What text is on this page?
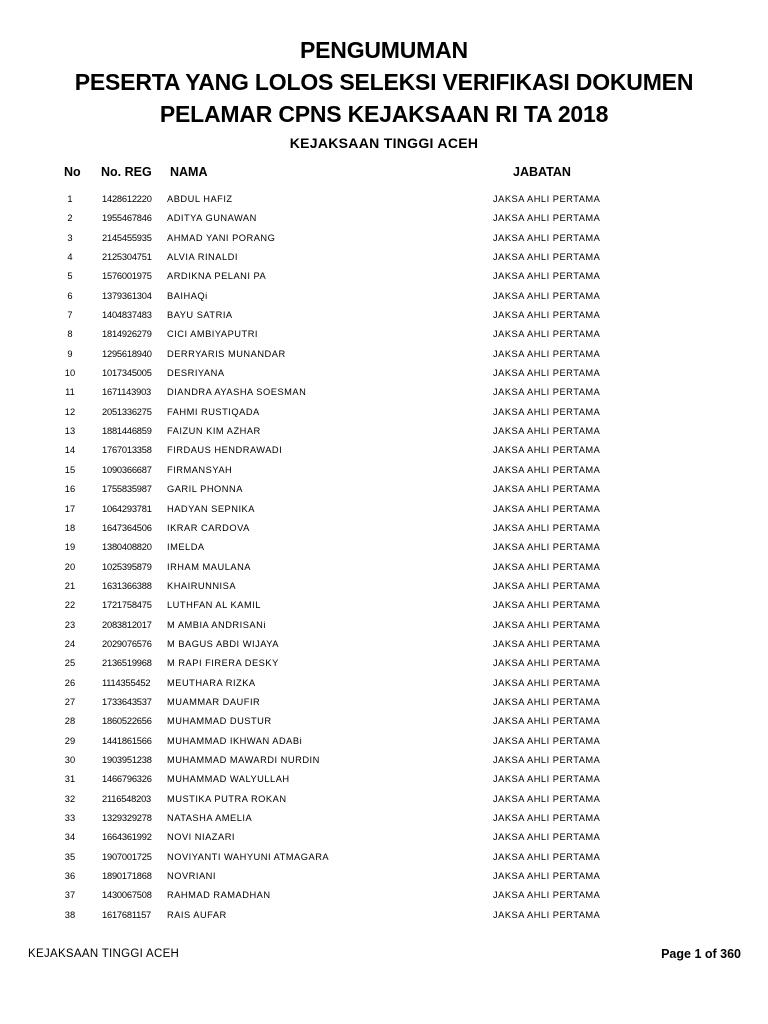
PENGUMUMAN
PESERTA YANG LOLOS SELEKSI VERIFIKASI DOKUMEN
PELAMAR CPNS KEJAKSAAN RI TA 2018
KEJAKSAAN TINGGI ACEH
No No. REG NAMA	JABATAN
1	1428612220 ABDUL HAFIZ	JAKSA AHLI PERTAMA
2	1955467846 ADITYA GUNAWAN	JAKSA AHLI PERTAMA
3	2145455935 AHMAD YANI PORANG	JAKSA AHLI PERTAMA
4	2125304751 ALVIA RINALDI	JAKSA AHLI PERTAMA
5	1576001975 ARDIKNA PELANI PA	JAKSA AHLI PERTAMA
6	1379361304 BAIHAQi	JAKSA AHLI PERTAMA
7	1404837483 BAYU SATRIA	JAKSA AHLI PERTAMA
8	1814926279 CICI AMBIYAPUTRI	JAKSA AHLI PERTAMA
9	1295618940 DERRYARIS MUNANDAR	JAKSA AHLI PERTAMA
10	1017345005 DESRIYANA	JAKSA AHLI PERTAMA
11	1671143903 DIANDRA AYASHA SOESMAN	JAKSA AHLI PERTAMA
12	2051336275 FAHMI RUSTIQADA	JAKSA AHLI PERTAMA
13	1881446859 FAIZUN KIM AZHAR	JAKSA AHLI PERTAMA
14	1767013358 FIRDAUS HENDRAWADI	JAKSA AHLI PERTAMA
15	1090366687 FIRMANSYAH	JAKSA AHLI PERTAMA
16	1755835987 GARIL PHONNA	JAKSA AHLI PERTAMA
17	1064293781 HADYAN SEPNIKA	JAKSA AHLI PERTAMA
18	1647364506 IKRAR CARDOVA	JAKSA AHLI PERTAMA
19	1380408820 IMELDA	JAKSA AHLI PERTAMA
20	1025395879 IRHAM MAULANA	JAKSA AHLI PERTAMA
21	1631366388 KHAIRUNNISA	JAKSA AHLI PERTAMA
22	1721758475 LUTHFAN AL KAMIL	JAKSA AHLI PERTAMA
23	2083812017 M AMBIA ANDRISANi	JAKSA AHLI PERTAMA
24	2029076576 M BAGUS ABDI WIJAYA	JAKSA AHLI PERTAMA
25	2136519968 M RAPI FIRERA DESKY	JAKSA AHLI PERTAMA
26	1114355452 MEUTHARA RIZKA	JAKSA AHLI PERTAMA
27	1733643537 MUAMMAR DAUFIR	JAKSA AHLI PERTAMA
28	1860522656 MUHAMMAD DUSTUR	JAKSA AHLI PERTAMA
29	1441861566 MUHAMMAD IKHWAN ADABi	JAKSA AHLI PERTAMA
30	1903951238 MUHAMMAD MAWARDI NURDIN	JAKSA AHLI PERTAMA
31	1466796326 MUHAMMAD WALYULLAH	JAKSA AHLI PERTAMA
32	2116548203 MUSTIKA PUTRA ROKAN	JAKSA AHLI PERTAMA
33	1329329278 NATASHA AMELIA	JAKSA AHLI PERTAMA
34	1664361992 NOVI NIAZARI	JAKSA AHLI PERTAMA
35	1907001725 NOVIYANTI WAHYUNI ATMAGARA	JAKSA AHLI PERTAMA
36	1890171868 NOVRIANI	JAKSA AHLI PERTAMA
37	1430067508 RAHMAD RAMADHAN	JAKSA AHLI PERTAMA
38	1617681157 RAIS AUFAR	JAKSA AHLI PERTAMA
KEJAKSAAN TINGGI ACEH	Page 1 of 360
